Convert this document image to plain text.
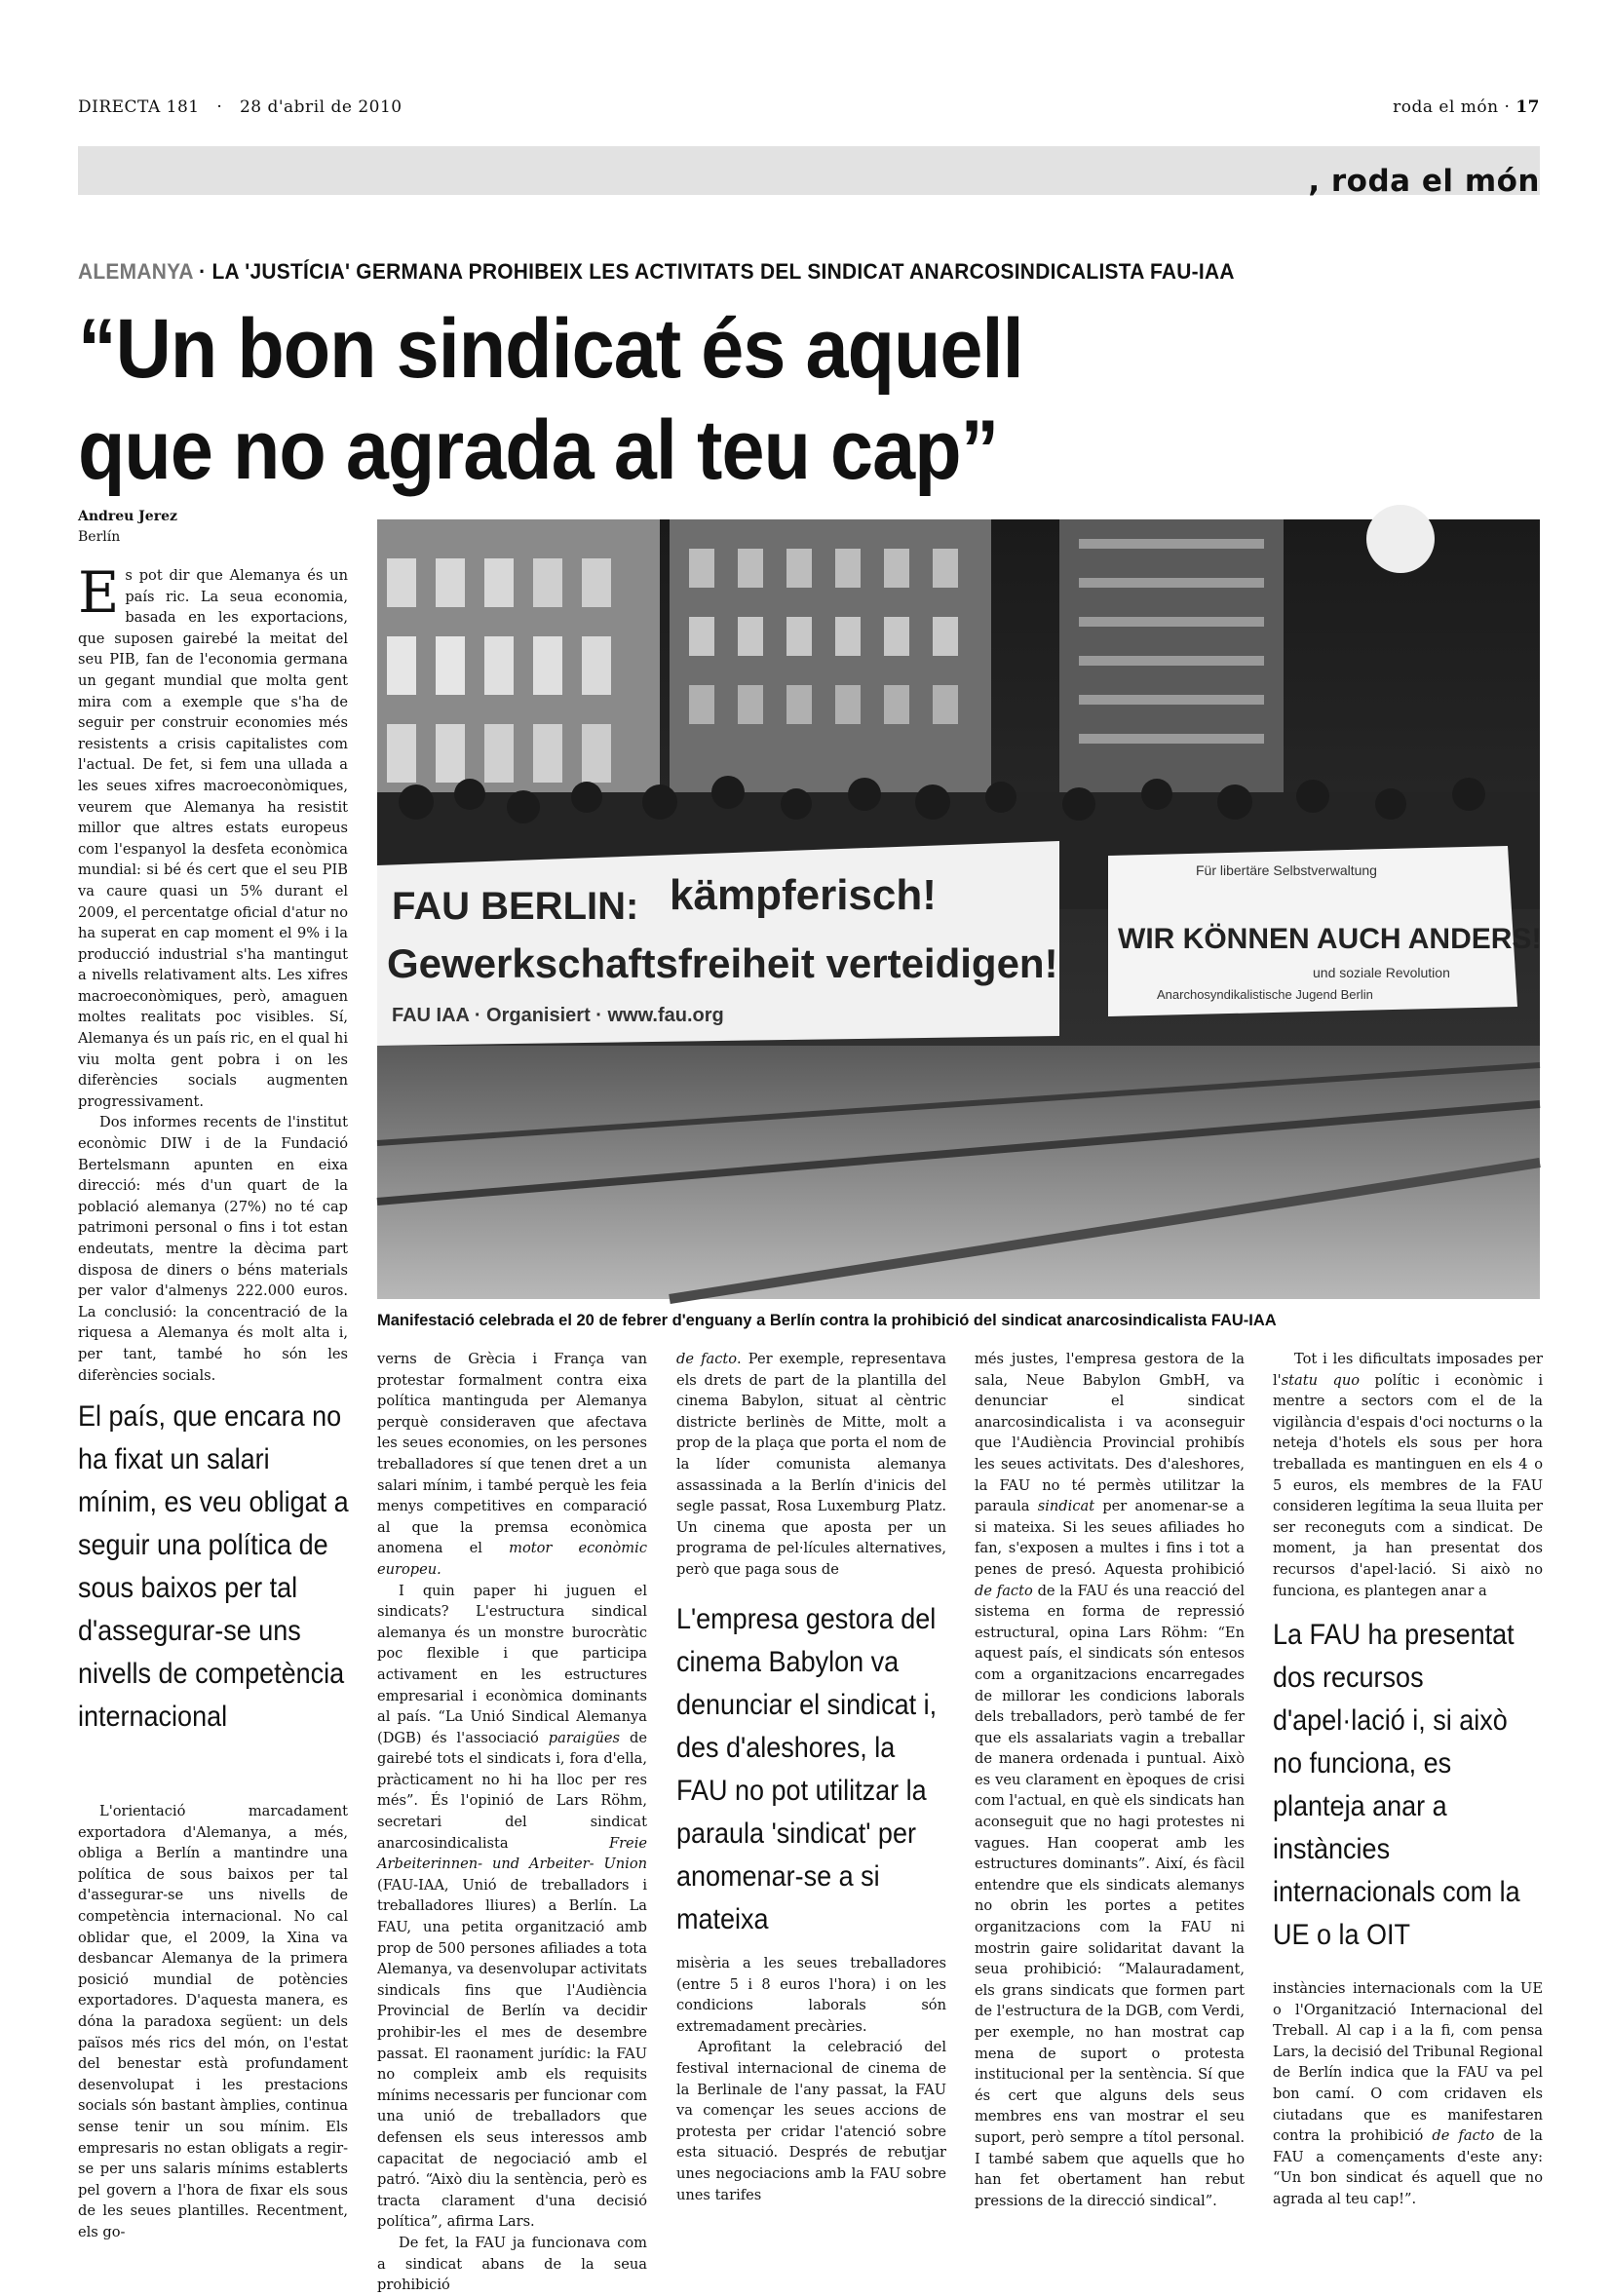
DIRECTA 181 · 28 d'abril de 2010	roda el món · 17
, roda el món
ALEMANYA · LA 'JUSTÍCIA' GERMANA PROHIBEIX LES ACTIVITATS DEL SINDICAT ANARCOSINDICALISTA FAU-IAA
“Un bon sindicat és aquell
que no agrada al teu cap”
Andreu Jerez
Berlín
FAU BERLIN: kämpferisch!
Gewerkschaftsfreiheit verteidigen!
FAU IAA · Organisiert · www.fau.org
Für libertäre Selbstverwaltung
WIR KÖNNEN AUCH ANDERS!
und soziale Revolution
Anarchosyndikalistische Jugend Berlin
Manifestació celebrada el 20 de febrer d'enguany a Berlín contra la prohibició del sindicat anarcosindicalista FAU-IAA

Es pot dir que Alemanya és un país ric. La seua economia, basada en les exportacions, que suposen gairebé la meitat del seu PIB, fan de l'economia germana un gegant mundial que molta gent mira com a exemple que s'ha de seguir per construir economies més resistents a crisis capitalistes com l'actual. De fet, si fem una ullada a les seues xifres macroeconòmiques, veurem que Alemanya ha resistit millor que altres estats europeus com l'espanyol la desfeta econòmica mundial: si bé és cert que el seu PIB va caure quasi un 5% durant el 2009, el percentatge oficial d'atur no ha superat en cap moment el 9% i la producció industrial s'ha mantingut a nivells relativament alts. Les xifres macroeconòmiques, però, amaguen moltes realitats poc visibles. Sí, Alemanya és un país ric, en el qual hi viu molta gent pobra i on les diferències socials augmenten progressivament.

Dos informes recents de l'institut econòmic DIW i de la Fundació Bertelsmann apunten en eixa direcció: més d'un quart de la població alemanya (27%) no té cap patrimoni personal o fins i tot estan endeutats, mentre la dècima part disposa de diners o béns materials per valor d'almenys 222.000 euros. La conclusió: la concentració de la riquesa a Alemanya és molt alta i, per tant, també ho són les diferències socials.

El país, que encara no ha fixat un salari mínim, es veu obligat a seguir una política de sous baixos per tal d'assegurar-se uns nivells de competència internacional

L'orientació marcadament exportadora d'Alemanya, a més, obliga a Berlín a mantindre una política de sous baixos per tal d'assegurar-se uns nivells de competència internacional. No cal oblidar que, el 2009, la Xina va desbancar Alemanya de la primera posició mundial de potències exportadores. D'aquesta manera, es dóna la paradoxa següent: un dels països més rics del món, on l'estat del benestar està profundament desenvolupat i les prestacions socials són bastant àmplies, continua sense tenir un sou mínim. Els empresaris no estan obligats a regir-se per uns salaris mínims establerts pel govern a l'hora de fixar els sous de les seues plantilles. Recentment, els go-

verns de Grècia i França van protestar formalment contra eixa política mantinguda per Alemanya perquè consideraven que afectava les seues economies, on les persones treballadores sí que tenen dret a un salari mínim, i també perquè les feia menys competitives en comparació al que la premsa econòmica anomena el motor econòmic europeu.

I quin paper hi juguen el sindicats? L'estructura sindical alemanya és un monstre burocràtic poc flexible i que participa activament en les estructures empresarial i econòmica dominants al país. “La Unió Sindical Alemanya (DGB) és l'associació paraigües de gairebé tots el sindicats i, fora d'ella, pràcticament no hi ha lloc per res més”. És l'opinió de Lars Röhm, secretari del sindicat anarcosindicalista Freie Arbeiterinnen- und Arbeiter- Union (FAU-IAA, Unió de treballadors i treballadores lliures) a Berlín. La FAU, una petita organització amb prop de 500 persones afiliades a tota Alemanya, va desenvolupar activitats sindicals fins que l'Audiència Provincial de Berlín va decidir prohibir-les el mes de desembre passat. El raonament jurídic: la FAU no compleix amb els requisits mínims necessaris per funcionar com una unió de treballadors que defensen els seus interessos amb capacitat de negociació amb el patró. “Això diu la sentència, però es tracta clarament d'una decisió política”, afirma Lars.

De fet, la FAU ja funcionava com a sindicat abans de la seua prohibició

de facto. Per exemple, representava els drets de part de la plantilla del cinema Babylon, situat al cèntric districte berlinès de Mitte, molt a prop de la plaça que porta el nom de la líder comunista alemanya assassinada a la Berlín d'inicis del segle passat, Rosa Luxemburg Platz. Un cinema que aposta per un programa de pel·lícules alternatives, però que paga sous de

L'empresa gestora del cinema Babylon va denunciar el sindicat i, des d'aleshores, la FAU no pot utilitzar la paraula 'sindicat' per anomenar-se a si mateixa

misèria a les seues treballadores (entre 5 i 8 euros l'hora) i on les condicions laborals són extremadament precàries.

Aprofitant la celebració del festival internacional de cinema de la Berlinale de l'any passat, la FAU va començar les seues accions de protesta per cridar l'atenció sobre esta situació. Després de rebutjar unes negociacions amb la FAU sobre unes tarifes

més justes, l'empresa gestora de la sala, Neue Babylon GmbH, va denunciar el sindicat anarcosindicalista i va aconseguir que l'Audiència Provincial prohibís les seues activitats. Des d'aleshores, la FAU no té permès utilitzar la paraula sindicat per anomenar-se a si mateixa. Si les seues afiliades ho fan, s'exposen a multes i fins i tot a penes de presó. Aquesta prohibició de facto de la FAU és una reacció del sistema en forma de repressió estructural, opina Lars Röhm: “En aquest país, el sindicats són entesos com a organitzacions encarregades de millorar les condicions laborals dels treballadors, però també de fer que els assalariats vagin a treballar de manera ordenada i puntual. Això es veu clarament en èpoques de crisi com l'actual, en què els sindicats han aconseguit que no hagi protestes ni vagues. Han cooperat amb les estructures dominants”. Així, és fàcil entendre que els sindicats alemanys no obrin les portes a petites organitzacions com la FAU ni mostrin gaire solidaritat davant la seua prohibició: “Malauradament, els grans sindicats que formen part de l'estructura de la DGB, com Verdi, per exemple, no han mostrat cap mena de suport o protesta institucional per la sentència. Sí que és cert que alguns dels seus membres ens van mostrar el seu suport, però sempre a títol personal. I també sabem que aquells que ho han fet obertament han rebut pressions de la direcció sindical”.

Tot i les dificultats imposades per l'statu quo polític i econòmic i mentre a sectors com el de la vigilància d'espais d'oci nocturns o la neteja d'hotels els sous per hora treballada es mantinguen en els 4 o 5 euros, els membres de la FAU consideren legítima la seua lluita per ser reconeguts com a sindicat. De moment, ja han presentat dos recursos d'apel·lació. Si això no funciona, es plantegen anar a

La FAU ha presentat dos recursos d'apel·lació i, si això no funciona, es planteja anar a instàncies internacionals com la UE o la OIT

instàncies internacionals com la UE o l'Organització Internacional del Treball. Al cap i a la fi, com pensa Lars, la decisió del Tribunal Regional de Berlín indica que la FAU va pel bon camí. O com cridaven els ciutadans que es manifestaren contra la prohibició de facto de la FAU a començaments d'este any: “Un bon sindicat és aquell que no agrada al teu cap!”.
